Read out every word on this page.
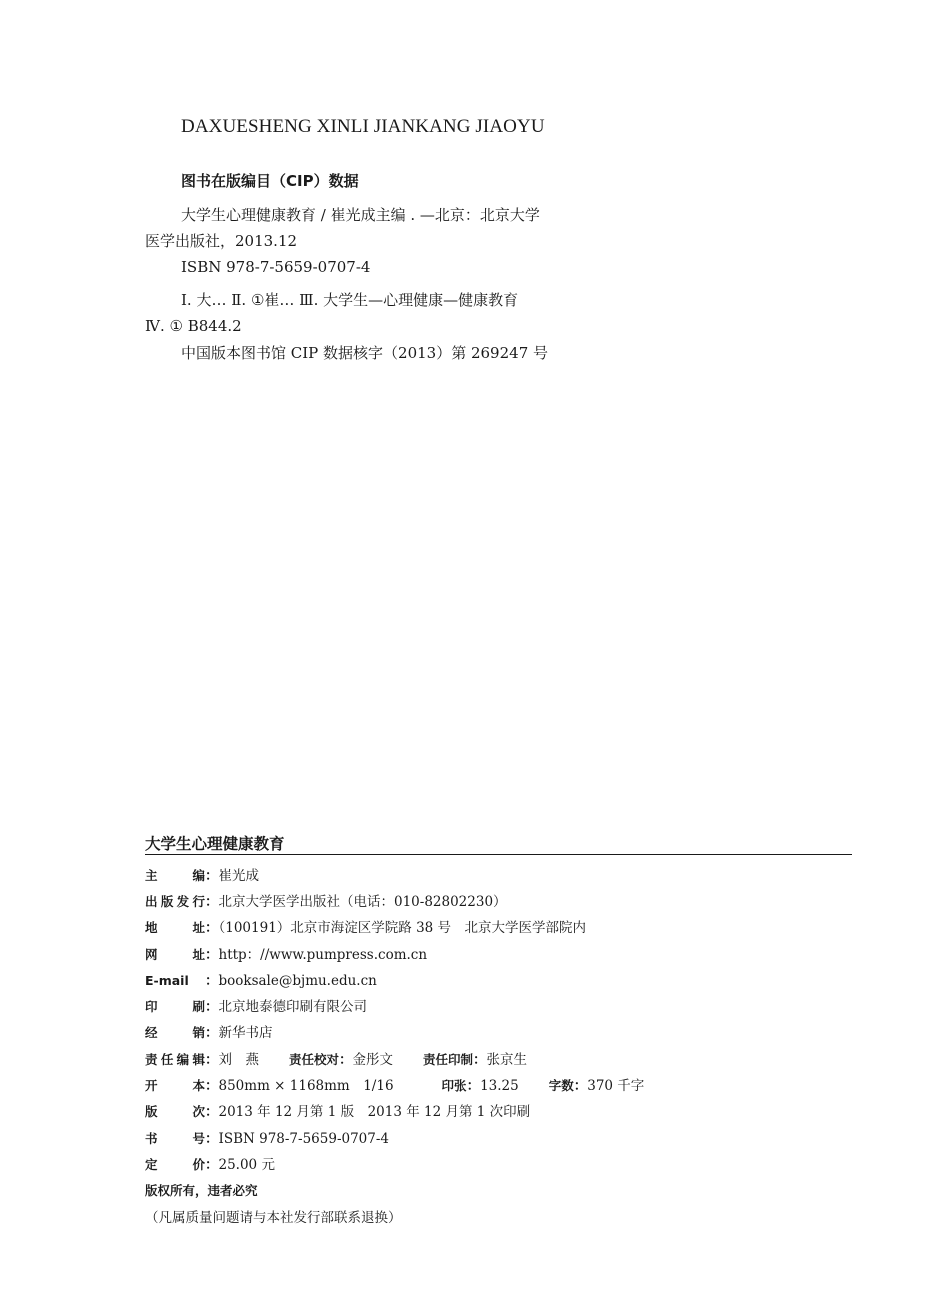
DAXUESHENG XINLI JIANKANG JIAOYU
图书在版编目（CIP）数据
大学生心理健康教育 / 崔光成主编 . —北京：北京大学
医学出版社，2013.12
ISBN 978-7-5659-0707-4
Ⅰ. 大… Ⅱ. ①崔… Ⅲ. 大学生—心理健康—健康教育
Ⅳ. ① B844.2
中国版本图书馆 CIP 数据核字（2013）第 269247 号
大学生心理健康教育
主编：崔光成
出版发行：北京大学医学出版社（电话：010-82802230）
地址：（100191）北京市海淀区学院路 38 号　北京大学医学部院内
网址：http：//www.pumpress.com.cn
E-mail ：booksale@bjmu.edu.cn
印刷：北京地泰德印刷有限公司
经销：新华书店
责任编辑：刘　燕 责任校对：金彤文 责任印制：张京生
开本：850mm × 1168mm　1/16	印张：13.25 字数：370 千字
版次：2013 年 12 月第 1 版　2013 年 12 月第 1 次印刷
书号：ISBN 978-7-5659-0707-4
定价：25.00 元
版权所有，违者必究
（凡属质量问题请与本社发行部联系退换）
